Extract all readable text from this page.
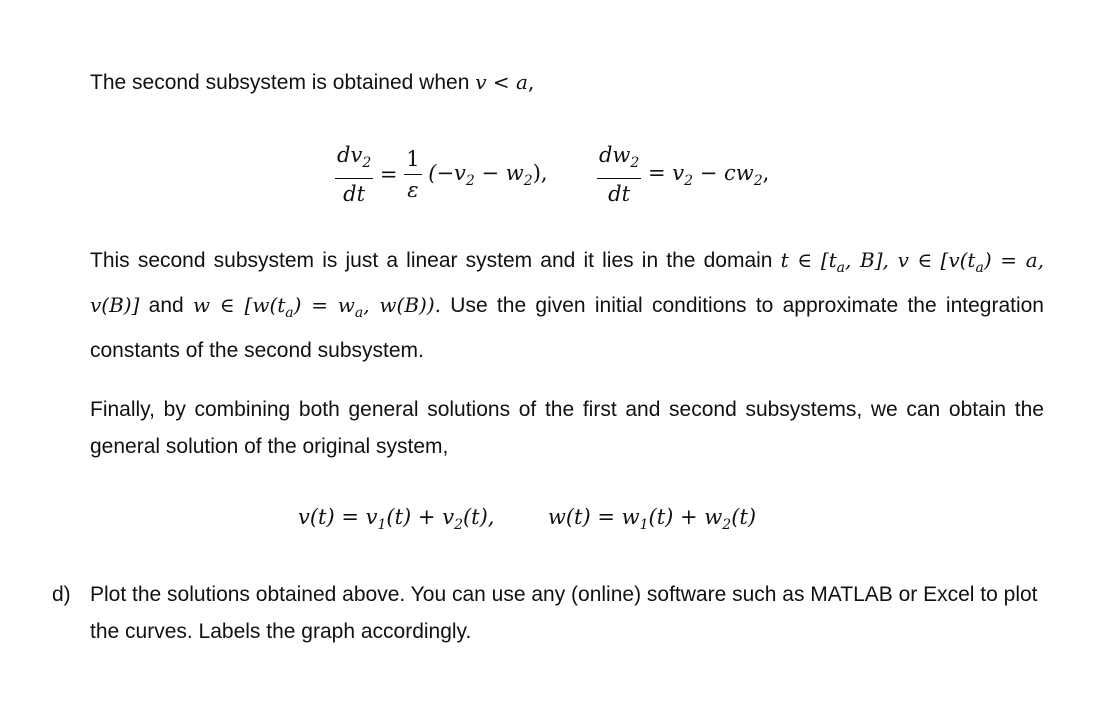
The second subsystem is obtained when v < a,
$\frac{dv_2}{dt} = \frac{1}{\varepsilon} (-v_2 - w_2)$, $\frac{dw_2}{dt} = v_2 - cw_2$,
This second subsystem is just a linear system and it lies in the domain t ∈ [$t_a$, B], v ∈ [$v(t_a) = a$, v(B)] and w ∈ [$w(t_a) = w_a$, w(B)). Use the given initial conditions to approximate the integration constants of the second subsystem.
Finally, by combining both general solutions of the first and second subsystems, we can obtain the general solution of the original system,
$v(t) = v_1(t) + v_2(t)$,	$w(t) = w_1(t) + w_2(t)$
d) Plot the solutions obtained above. You can use any (online) software such as MATLAB or Excel to plot the curves. Labels the graph accordingly.
